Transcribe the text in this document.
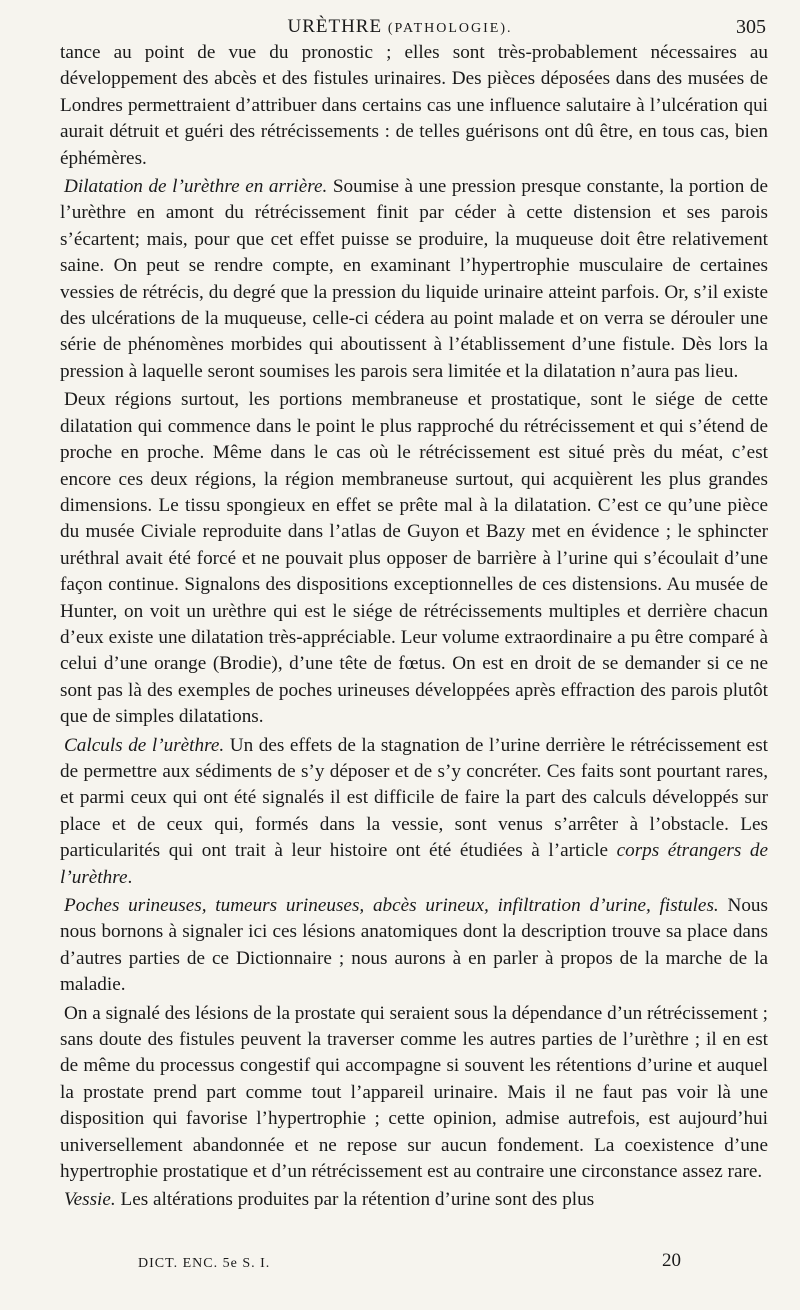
URÈTHRE (PATHOLOGIE).	305

tance au point de vue du pronostic ; elles sont très-probablement nécessaires au développement des abcès et des fistules urinaires. Des pièces déposées dans des musées de Londres permettraient d’attribuer dans certains cas une influence salutaire à l’ulcération qui aurait détruit et guéri des rétrécissements : de telles guérisons ont dû être, en tous cas, bien éphémères.

Dilatation de l’urèthre en arrière. Soumise à une pression presque constante, la portion de l’urèthre en amont du rétrécissement finit par céder à cette distension et ses parois s’écartent; mais, pour que cet effet puisse se produire, la muqueuse doit être relativement saine. On peut se rendre compte, en examinant l’hypertrophie musculaire de certaines vessies de rétrécis, du degré que la pression du liquide urinaire atteint parfois. Or, s’il existe des ulcérations de la muqueuse, celle-ci cédera au point malade et on verra se dérouler une série de phénomènes morbides qui aboutissent à l’établissement d’une fistule. Dès lors la pression à laquelle seront soumises les parois sera limitée et la dilatation n’aura pas lieu.

Deux régions surtout, les portions membraneuse et prostatique, sont le siége de cette dilatation qui commence dans le point le plus rapproché du rétrécissement et qui s’étend de proche en proche. Même dans le cas où le rétrécissement est situé près du méat, c’est encore ces deux régions, la région membraneuse surtout, qui acquièrent les plus grandes dimensions. Le tissu spongieux en effet se prête mal à la dilatation. C’est ce qu’une pièce du musée Civiale reproduite dans l’atlas de Guyon et Bazy met en évidence ; le sphincter uréthral avait été forcé et ne pouvait plus opposer de barrière à l’urine qui s’écoulait d’une façon continue. Signalons des dispositions exceptionnelles de ces distensions. Au musée de Hunter, on voit un urèthre qui est le siége de rétrécissements multiples et derrière chacun d’eux existe une dilatation très-appréciable. Leur volume extraordinaire a pu être comparé à celui d’une orange (Brodie), d’une tête de fœtus. On est en droit de se demander si ce ne sont pas là des exemples de poches urineuses développées après effraction des parois plutôt que de simples dilatations.

Calculs de l’urèthre. Un des effets de la stagnation de l’urine derrière le rétrécissement est de permettre aux sédiments de s’y déposer et de s’y concréter. Ces faits sont pourtant rares, et parmi ceux qui ont été signalés il est difficile de faire la part des calculs développés sur place et de ceux qui, formés dans la vessie, sont venus s’arrêter à l’obstacle. Les particularités qui ont trait à leur histoire ont été étudiées à l’article corps étrangers de l’urèthre.

Poches urineuses, tumeurs urineuses, abcès urineux, infiltration d’urine, fistules. Nous nous bornons à signaler ici ces lésions anatomiques dont la description trouve sa place dans d’autres parties de ce Dictionnaire ; nous aurons à en parler à propos de la marche de la maladie.

On a signalé des lésions de la prostate qui seraient sous la dépendance d’un rétrécissement ; sans doute des fistules peuvent la traverser comme les autres parties de l’urèthre ; il en est de même du processus congestif qui accompagne si souvent les rétentions d’urine et auquel la prostate prend part comme tout l’appareil urinaire. Mais il ne faut pas voir là une disposition qui favorise l’hypertrophie ; cette opinion, admise autrefois, est aujourd’hui universellement abandonnée et ne repose sur aucun fondement. La coexistence d’une hypertrophie prostatique et d’un rétrécissement est au contraire une circonstance assez rare.

Vessie. Les altérations produites par la rétention d’urine sont des plus

DICT. ENC. 5e S. I.	20
